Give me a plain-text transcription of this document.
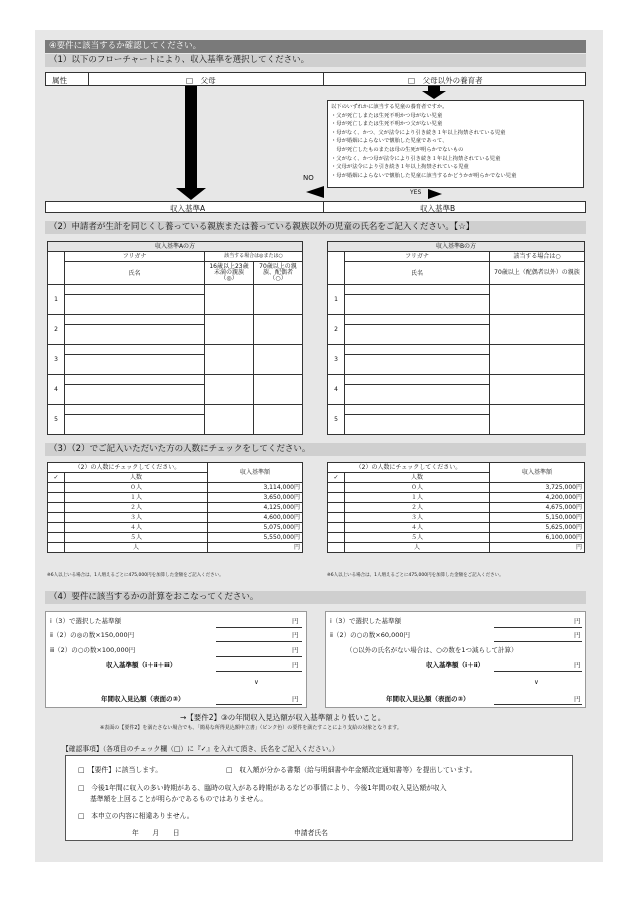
④要件に該当するか確認してください。
（1）以下のフローチャートにより、収入基準を選択してください。
属性	□　父母	□　父母以外の養育者
以下のいずれかに該当する児童の養育者ですか。
・父が死亡しまたは生死不明かつ母がない児童
・母が死亡しまたは生死不明かつ父がない児童
・母がなく、かつ、父が法令により引き続き１年以上拘禁されている児童
・母が婚姻によらないで懐胎した児童であって、
　母が死亡したものまたは母の生死が明らかでないもの
・父がなく、かつ母が法令により引き続き１年以上拘禁されている児童
・父母が法令により引き続き１年以上拘禁されている児童
・母が婚姻によらないで懐胎した児童に該当するかどうかが明らかでない児童
NO
YES
収入基準A	収入基準B
（2）申請者が生計を同じくし養っている親族または養っている親族以外の児童の氏名をご記入ください。【☆】
収入基準Aの方			
	フリガナ	該当する場合は◎または○	
	氏名	16歳以上23歳未満の親族（◎）	70歳以上の親族、配偶者（○）

1			

2			

3			

4			

5			

収入基準Bの方		
	フリガナ	該当する場合は○
	氏名	70歳以上（配偶者以外）の親族

1		

2		

3		

4		

5		

（3）（2）でご記入いただいた方の人数にチェックをしてください。
（2）の人数にチェックしてください。		収入基準額
✓	人数	
	０人	3,114,000円
	１人	3,650,000円
	２人	4,125,000円
	３人	4,600,000円
	４人	5,075,000円
	５人	5,550,000円
	人	円
※6人以上いる場合は、1人増えるごとに475,000円を加算した金額をご記入ください。
（2）の人数にチェックしてください。		収入基準額
✓	人数	
	０人	3,725,000円
	１人	4,200,000円
	２人	4,675,000円
	３人	5,150,000円
	４人	5,625,000円
	５人	6,100,000円
	人	円
※6人以上いる場合は、1人増えるごとに475,000円を加算した金額をご記入ください。
（4）要件に該当するかの計算をおこなってください。
ⅰ（3）で選択した基準額	円
ⅱ（2）の◎の数×150,000円	円
ⅲ（2）の○の数×100,000円	円
収入基準額（ⅰ＋ⅱ＋ⅲ）	円
∨
年間収入見込額（表面の③）	円
ⅰ（3）で選択した基準額	円
ⅱ（2）の○の数×60,000円	円
（○以外の氏名がない場合は、○の数を1つ減らして計算）
収入基準額（ⅰ＋ⅱ）	円
∨
年間収入見込額（表面の③）	円
→【要件2】③の年間収入見込額が収入基準額より低いこと。
※表面の【要件2】を満たさない場合でも、「簡易な所得見込額申立書」（ピンク色）の要件を満たすことにより支給の対象となります。
【確認事項】（各項目のチェック欄（□）に『✓』を入れて頂き、氏名をご記入ください。）
□　【要件】に該当します。	□　収入額が分かる書類（給与明細書や年金額改定通知書等）を提出しています。
□　今後1年間に収入の多い時期がある、臨時の収入がある時期があるなどの事情により、今後1年間の収入見込額が収入
基準額を上回ることが明らかであるものではありません。
□　本申立の内容に相違ありません。
年　　月　　日	申請者氏名
